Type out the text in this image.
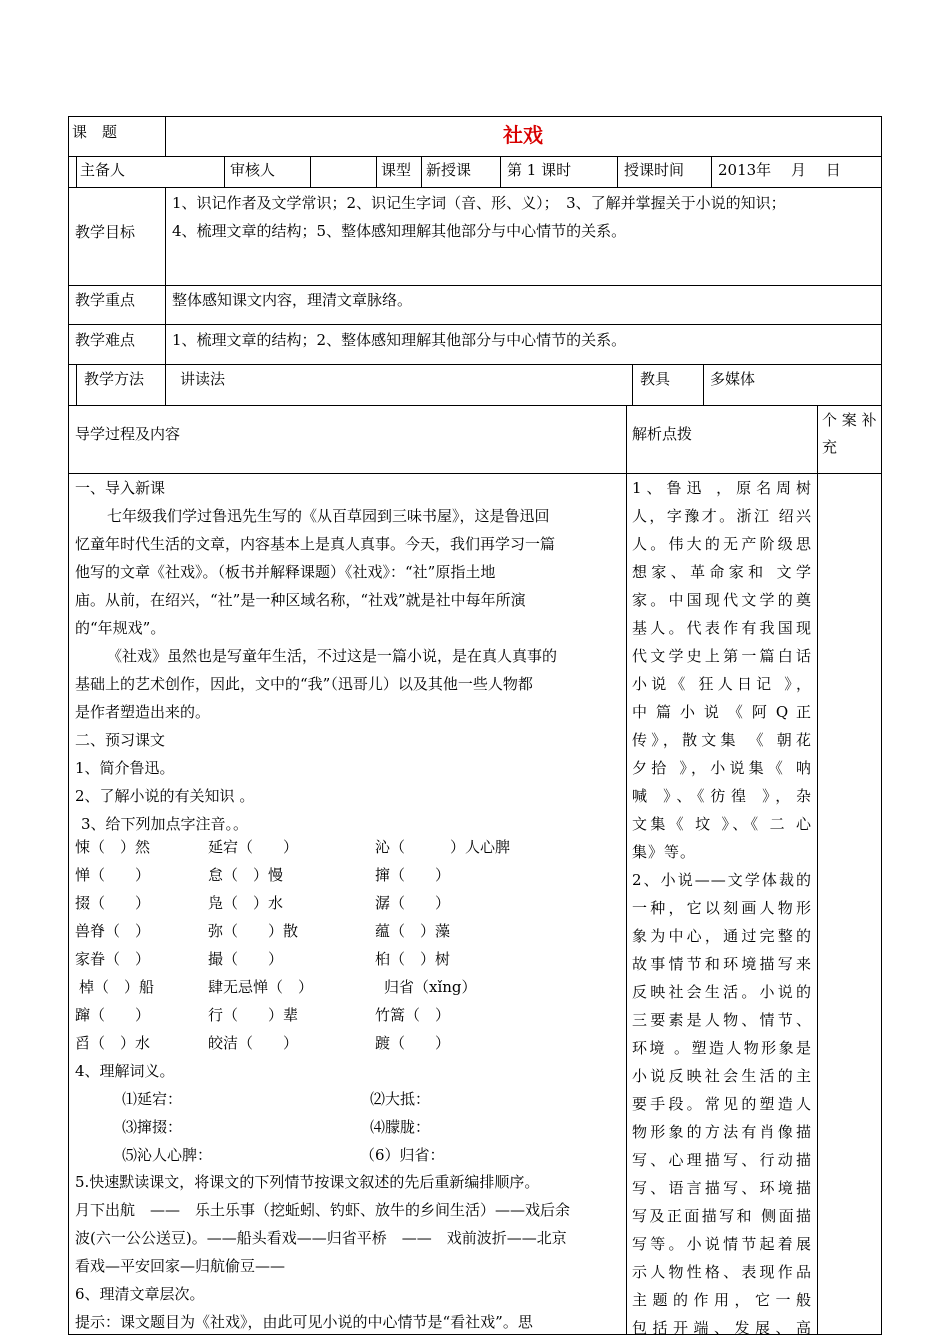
课　题	社戏
主备人	审核人	课型 新授课 第 1 课时	授课时间 2013年　 月　 日
教学目标
1、识记作者及文学常识；2、识记生字词（音、形、义）；　3、了解并掌握关于小说的知识；
4、梳理文章的结构；5、整体感知理解其他部分与中心情节的关系。
教学重点 整体感知课文内容，理清文章脉络。
教学难点 1、梳理文章的结构；2、整体感知理解其他部分与中心情节的关系。
教学方法 讲读法	教具	多媒体
导学过程及内容	解析点拨
个 案 补
充

一、导入新课

七年级我们学过鲁迅先生写的《从百草园到三味书屋》，这是鲁迅回

忆童年时代生活的文章，内容基本上是真人真事。今天，我们再学习一篇

他写的文章《社戏》。（板书并解释课题）《社戏》：“社”原指土地

庙。从前，在绍兴，“社”是一种区域名称，“社戏”就是社中每年所演

的“年规戏”。

《社戏》虽然也是写童年生活，不过这是一篇小说，是在真人真事的

基础上的艺术创作，因此，文中的“我”（迅哥儿）以及其他一些人物都

是作者塑造出来的。

二、预习课文

1、简介鲁迅。

2、了解小说的有关知识 。

3、给下列加点字注音。。

悚（　）然	延宕（　　）	沁（　　　）人心脾
惮（　　）	怠（　）慢	撺（　　）
掇（　　）	凫（　）水	潺（　　）
兽脊（　）	弥（　　）散	蕴（　）藻
家眷（　）	撮（　　）	桕（　）树
棹（　）船	肆无忌惮（　）	归省（xǐng）
蹿（　　）	行（　　）辈	竹篙（　）
舀（　）水	皎洁（　　）	踱（　　）
4、理解词义。
⑴延宕：	⑵大抵：
⑶撺掇：	⑷朦胧：
⑸沁人心脾：	（6）归省：

5.快速默读课文，将课文的下列情节按课文叙述的先后重新编排顺序。

月下出航　——　乐土乐事（挖蚯蚓、钓虾、放牛的乡间生活）——戏后余

波(六一公公送豆)。——船头看戏——归省平桥　——　戏前波折——北京

看戏—平安回家—归航偷豆——

6、理清文章层次。

提示：课文题目为《社戏》，由此可见小说的中心情节是“看社戏”。思

1、鲁迅 ，原名周树

人，字豫才。浙江 绍兴

人。伟大的无产阶级思

想家、革命家和 文学

家。中国现代文学的奠

基人。代表作有我国现

代文学史上第一篇白话

小说《 狂人日记 》，

中 篇 小 说 《 阿 Q 正

传》，散文集 《 朝花

夕拾 》，小说集《 呐

喊 》、《彷徨 》，杂

文集《 坟 》、《 二 心

集》等。

2、小说——文学体裁的

一种，它以刻画人物形

象为中心，通过完整的

故事情节和环境描写来

反映社会生活。小说的

三要素是人物、情节、

环境 。塑造人物形象是

小说反映社会生活的主

要手段。常见的塑造人

物形象的方法有肖像描

写、心理描写、行动描

写、语言描写、环境描

写及正面描写和 侧面描

写等。小说情节起着展

示人物性格、表现作品

主题的作用，它一般

包括开端、发展、高
